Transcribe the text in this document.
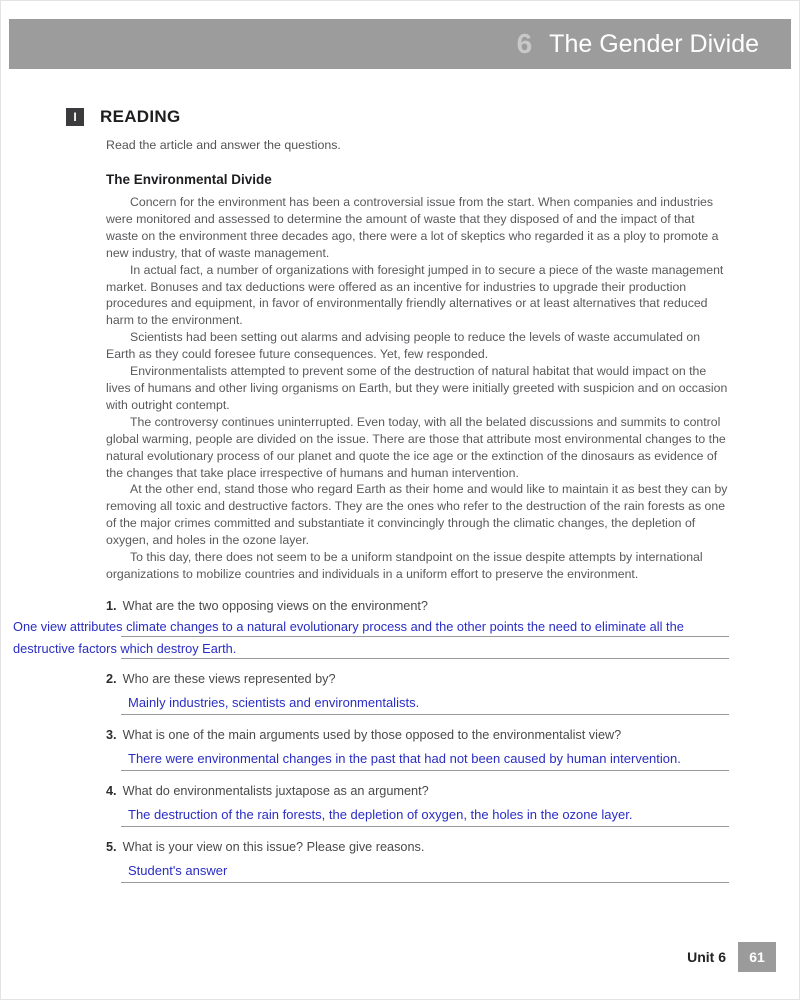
6 The Gender Divide
I	READING
Read the article and answer the questions.
The Environmental Divide

Concern for the environment has been a controversial issue from the start. When companies and industries were monitored and assessed to determine the amount of waste that they disposed of and the impact of that waste on the environment three decades ago, there were a lot of skeptics who regarded it as a ploy to promote a new industry, that of waste management.

In actual fact, a number of organizations with foresight jumped in to secure a piece of the waste management market. Bonuses and tax deductions were offered as an incentive for industries to upgrade their production procedures and equipment, in favor of environmentally friendly alternatives or at least alternatives that reduced harm to the environment.

Scientists had been setting out alarms and advising people to reduce the levels of waste accumulated on Earth as they could foresee future consequences. Yet, few responded.

Environmentalists attempted to prevent some of the destruction of natural habitat that would impact on the lives of humans and other living organisms on Earth, but they were initially greeted with suspicion and on occasion with outright contempt.

The controversy continues uninterrupted. Even today, with all the belated discussions and summits to control global warming, people are divided on the issue. There are those that attribute most environmental changes to the natural evolutionary process of our planet and quote the ice age or the extinction of the dinosaurs as evidence of the changes that take place irrespective of humans and human intervention.

At the other end, stand those who regard Earth as their home and would like to maintain it as best they can by removing all toxic and destructive factors. They are the ones who refer to the destruction of the rain forests as one of the major crimes committed and substantiate it convincingly through the climatic changes, the depletion of oxygen, and holes in the ozone layer.

To this day, there does not seem to be a uniform standpoint on the issue despite attempts by international organizations to mobilize countries and individuals in a uniform effort to preserve the environment.

1. What are the two opposing views on the environment?
One view attributes climate changes to a natural evolutionary process and the other points the need to eliminate all the
destructive factors which destroy Earth.
2. Who are these views represented by?
Mainly industries, scientists and environmentalists.
3. What is one of the main arguments used by those opposed to the environmentalist view?
There were environmental changes in the past that had not been caused by human intervention.
4. What do environmentalists juxtapose as an argument?
The destruction of the rain forests, the depletion of oxygen, the holes in the ozone layer.
5. What is your view on this issue? Please give reasons.
Student's answer
Unit 6	61
